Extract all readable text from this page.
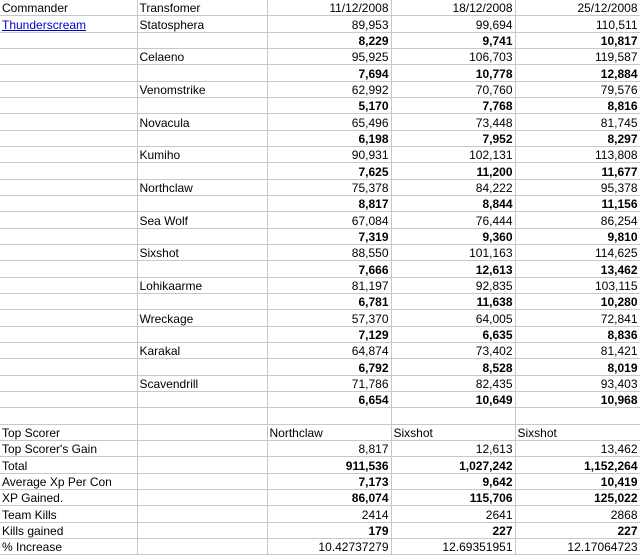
Commander	Transfomer	11/12/2008	18/12/2008	25/12/2008
Thunderscream	Statosphera	89,953	99,694	110,511
		8,229	9,741	10,817
	Celaeno	95,925	106,703	119,587
		7,694	10,778	12,884
	Venomstrike	62,992	70,760	79,576
		5,170	7,768	8,816
	Novacula	65,496	73,448	81,745
		6,198	7,952	8,297
	Kumiho	90,931	102,131	113,808
		7,625	11,200	11,677
	Northclaw	75,378	84,222	95,378
		8,817	8,844	11,156
	Sea Wolf	67,084	76,444	86,254
		7,319	9,360	9,810
	Sixshot	88,550	101,163	114,625
		7,666	12,613	13,462
	Lohikaarme	81,197	92,835	103,115
		6,781	11,638	10,280
	Wreckage	57,370	64,005	72,841
		7,129	6,635	8,836
	Karakal	64,874	73,402	81,421
		6,792	8,528	8,019
	Scavendrill	71,786	82,435	93,403
		6,654	10,649	10,968

Top Scorer		Northclaw	Sixshot	Sixshot
Top Scorer's Gain		8,817	12,613	13,462
Total		911,536	1,027,242	1,152,264
Average Xp Per Con		7,173	9,642	10,419
XP Gained.		86,074	115,706	125,022
Team Kills		2414	2641	2868
Kills gained		179	227	227
% Increase		10.42737279	12.69351951	12.17064723
